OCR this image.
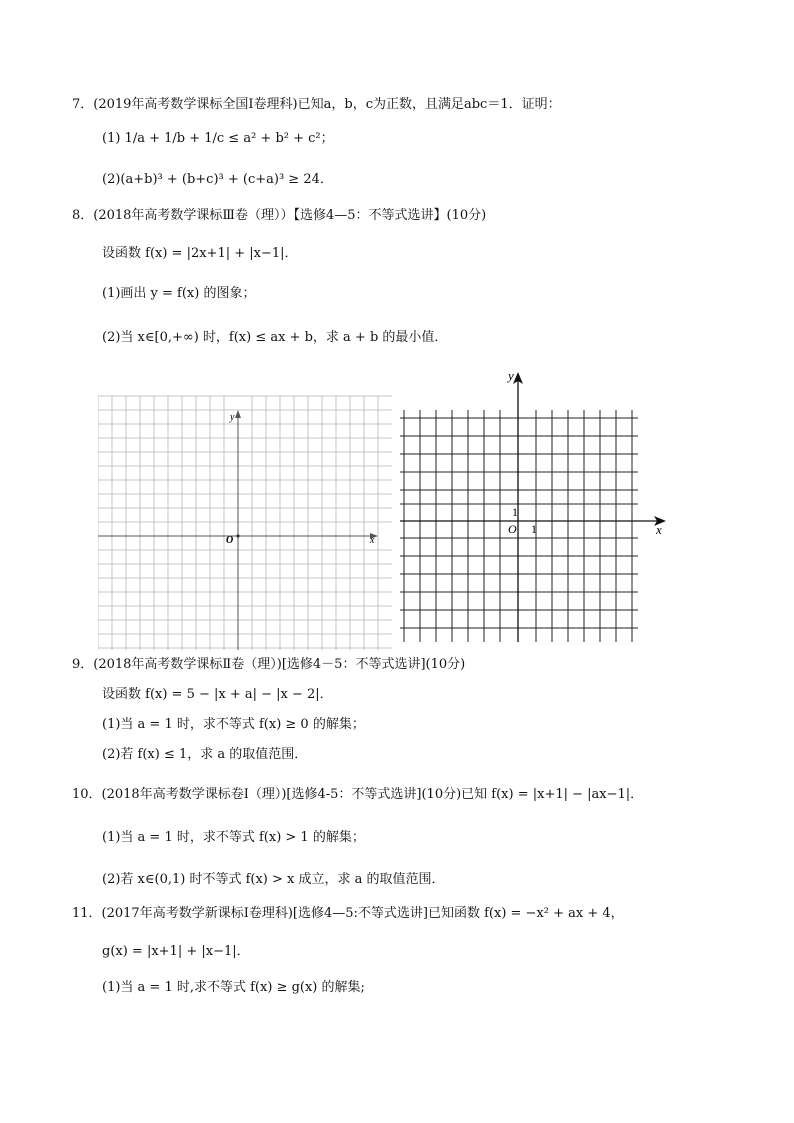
7．(2019年高考数学课标全国Ⅰ卷理科)已知a，b，c为正数，且满足abc＝1．证明：
(1) 1/a + 1/b + 1/c ≤ a² + b² + c²；
(2)(a+b)³ + (b+c)³ + (c+a)³ ≥ 24．
8．(2018年高考数学课标Ⅲ卷（理））【选修4—5：不等式选讲】(10分)
设函数 f(x) = |2x+1| + |x−1|．
(1)画出 y = f(x) 的图象；
(2)当 x∈[0,+∞) 时，f(x) ≤ ax + b，求 a + b 的最小值．
y
x
O
y
x
1
O 1
9．(2018年高考数学课标Ⅱ卷（理）)[选修4－5：不等式选讲](10分)
设函数 f(x) = 5 − |x + a| − |x − 2|．
(1)当 a = 1 时，求不等式 f(x) ≥ 0 的解集；
(2)若 f(x) ≤ 1，求 a 的取值范围．
10．(2018年高考数学课标卷Ⅰ（理）)[选修4-5：不等式选讲](10分)已知 f(x) = |x+1| − |ax−1|．
(1)当 a = 1 时，求不等式 f(x) > 1 的解集；
(2)若 x∈(0,1) 时不等式 f(x) > x 成立，求 a 的取值范围．
11．(2017年高考数学新课标Ⅰ卷理科)[选修4—5:不等式选讲]已知函数 f(x) = −x² + ax + 4，
g(x) = |x+1| + |x−1|．
(1)当 a = 1 时,求不等式 f(x) ≥ g(x) 的解集;
